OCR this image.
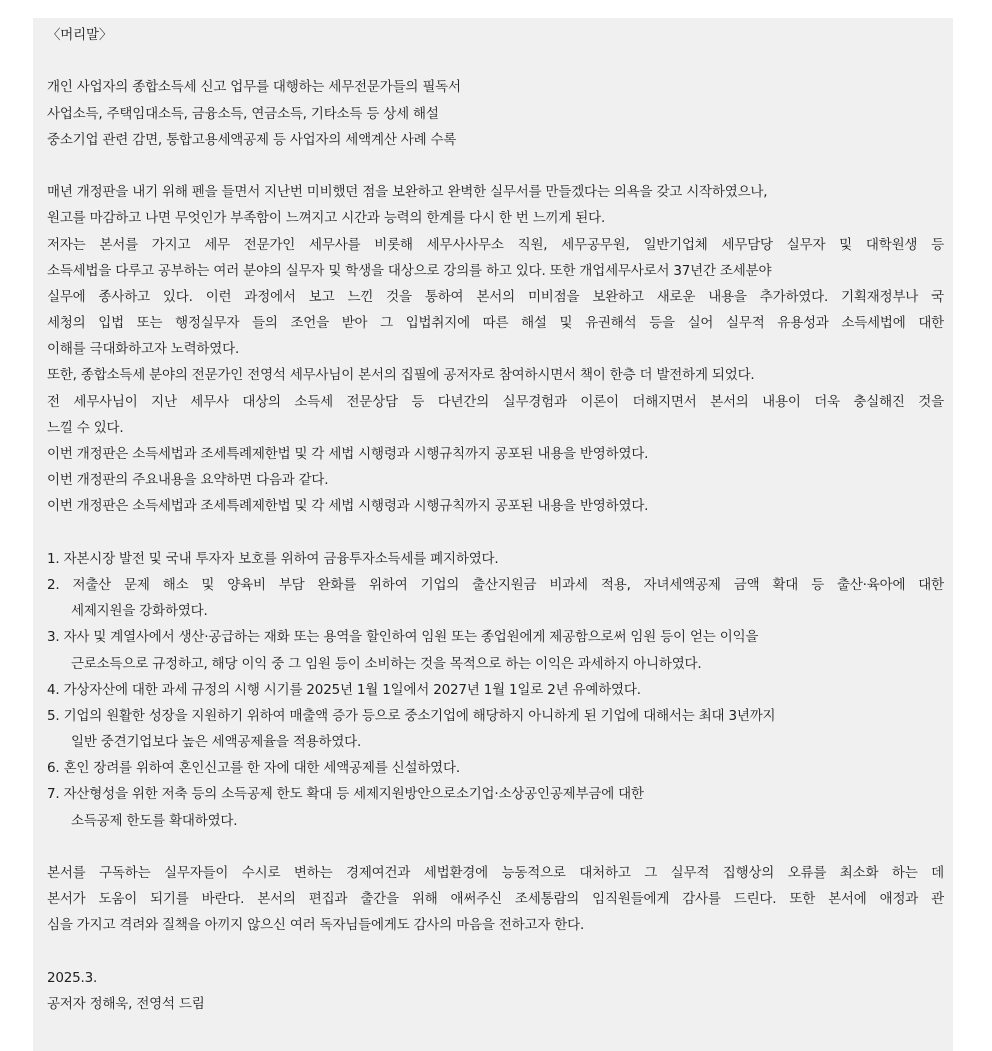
〈머리말〉
개인 사업자의 종합소득세 신고 업무를 대행하는 세무전문가들의 필독서
사업소득, 주택임대소득, 금융소득, 연금소득, 기타소득 등 상세 해설
중소기업 관련 감면, 통합고용세액공제 등 사업자의 세액계산 사례 수록
매년 개정판을 내기 위해 펜을 들면서 지난번 미비했던 점을 보완하고 완벽한 실무서를 만들겠다는 의욕을 갖고 시작하였으나,
원고를 마감하고 나면 무엇인가 부족함이 느껴지고 시간과 능력의 한계를 다시 한 번 느끼게 된다.
저자는 본서를 가지고 세무 전문가인 세무사를 비롯해 세무사사무소 직원, 세무공무원, 일반기업체 세무담당 실무자 및 대학원생 등
소득세법을 다루고 공부하는 여러 분야의 실무자 및 학생을 대상으로 강의를 하고 있다. 또한 개업세무사로서 37년간 조세분야
실무에 종사하고 있다. 이런 과정에서 보고 느낀 것을 통하여 본서의 미비점을 보완하고 새로운 내용을 추가하였다. 기획재정부나 국
세청의 입법 또는 행정실무자 들의 조언을 받아 그 입법취지에 따른 해설 및 유권해석 등을 실어 실무적 유용성과 소득세법에 대한
이해를 극대화하고자 노력하였다.
또한, 종합소득세 분야의 전문가인 전영석 세무사님이 본서의 집필에 공저자로 참여하시면서 책이 한층 더 발전하게 되었다.
전 세무사님이 지난 세무사 대상의 소득세 전문상담 등 다년간의 실무경험과 이론이 더해지면서 본서의 내용이 더욱 충실해진 것을
느낄 수 있다.
이번 개정판은 소득세법과 조세특례제한법 및 각 세법 시행령과 시행규칙까지 공포된 내용을 반영하였다.
이번 개정판의 주요내용을 요약하면 다음과 같다.
이번 개정판은 소득세법과 조세특례제한법 및 각 세법 시행령과 시행규칙까지 공포된 내용을 반영하였다.
1. 자본시장 발전 및 국내 투자자 보호를 위하여 금융투자소득세를 폐지하였다.
2. 저출산 문제 해소 및 양육비 부담 완화를 위하여 기업의 출산지원금 비과세 적용, 자녀세액공제 금액 확대 등 출산·육아에 대한
세제지원을 강화하였다.
3. 자사 및 계열사에서 생산·공급하는 재화 또는 용역을 할인하여 임원 또는 종업원에게 제공함으로써 임원 등이 얻는 이익을
근로소득으로 규정하고, 해당 이익 중 그 임원 등이 소비하는 것을 목적으로 하는 이익은 과세하지 아니하였다.
4. 가상자산에 대한 과세 규정의 시행 시기를 2025년 1월 1일에서 2027년 1월 1일로 2년 유예하였다.
5. 기업의 원활한 성장을 지원하기 위하여 매출액 증가 등으로 중소기업에 해당하지 아니하게 된 기업에 대해서는 최대 3년까지
일반 중견기업보다 높은 세액공제율을 적용하였다.
6. 혼인 장려를 위하여 혼인신고를 한 자에 대한 세액공제를 신설하였다.
7. 자산형성을 위한 저축 등의 소득공제 한도 확대 등 세제지원방안으로소기업·소상공인공제부금에 대한
소득공제 한도를 확대하였다.
본서를 구독하는 실무자들이 수시로 변하는 경제여건과 세법환경에 능동적으로 대처하고 그 실무적 집행상의 오류를 최소화 하는 데
본서가 도움이 되기를 바란다. 본서의 편집과 출간을 위해 애써주신 조세통람의 임직원들에게 감사를 드린다. 또한 본서에 애정과 관
심을 가지고 격려와 질책을 아끼지 않으신 여러 독자님들에게도 감사의 마음을 전하고자 한다.
2025.3.
공저자 정해욱, 전영석 드림
